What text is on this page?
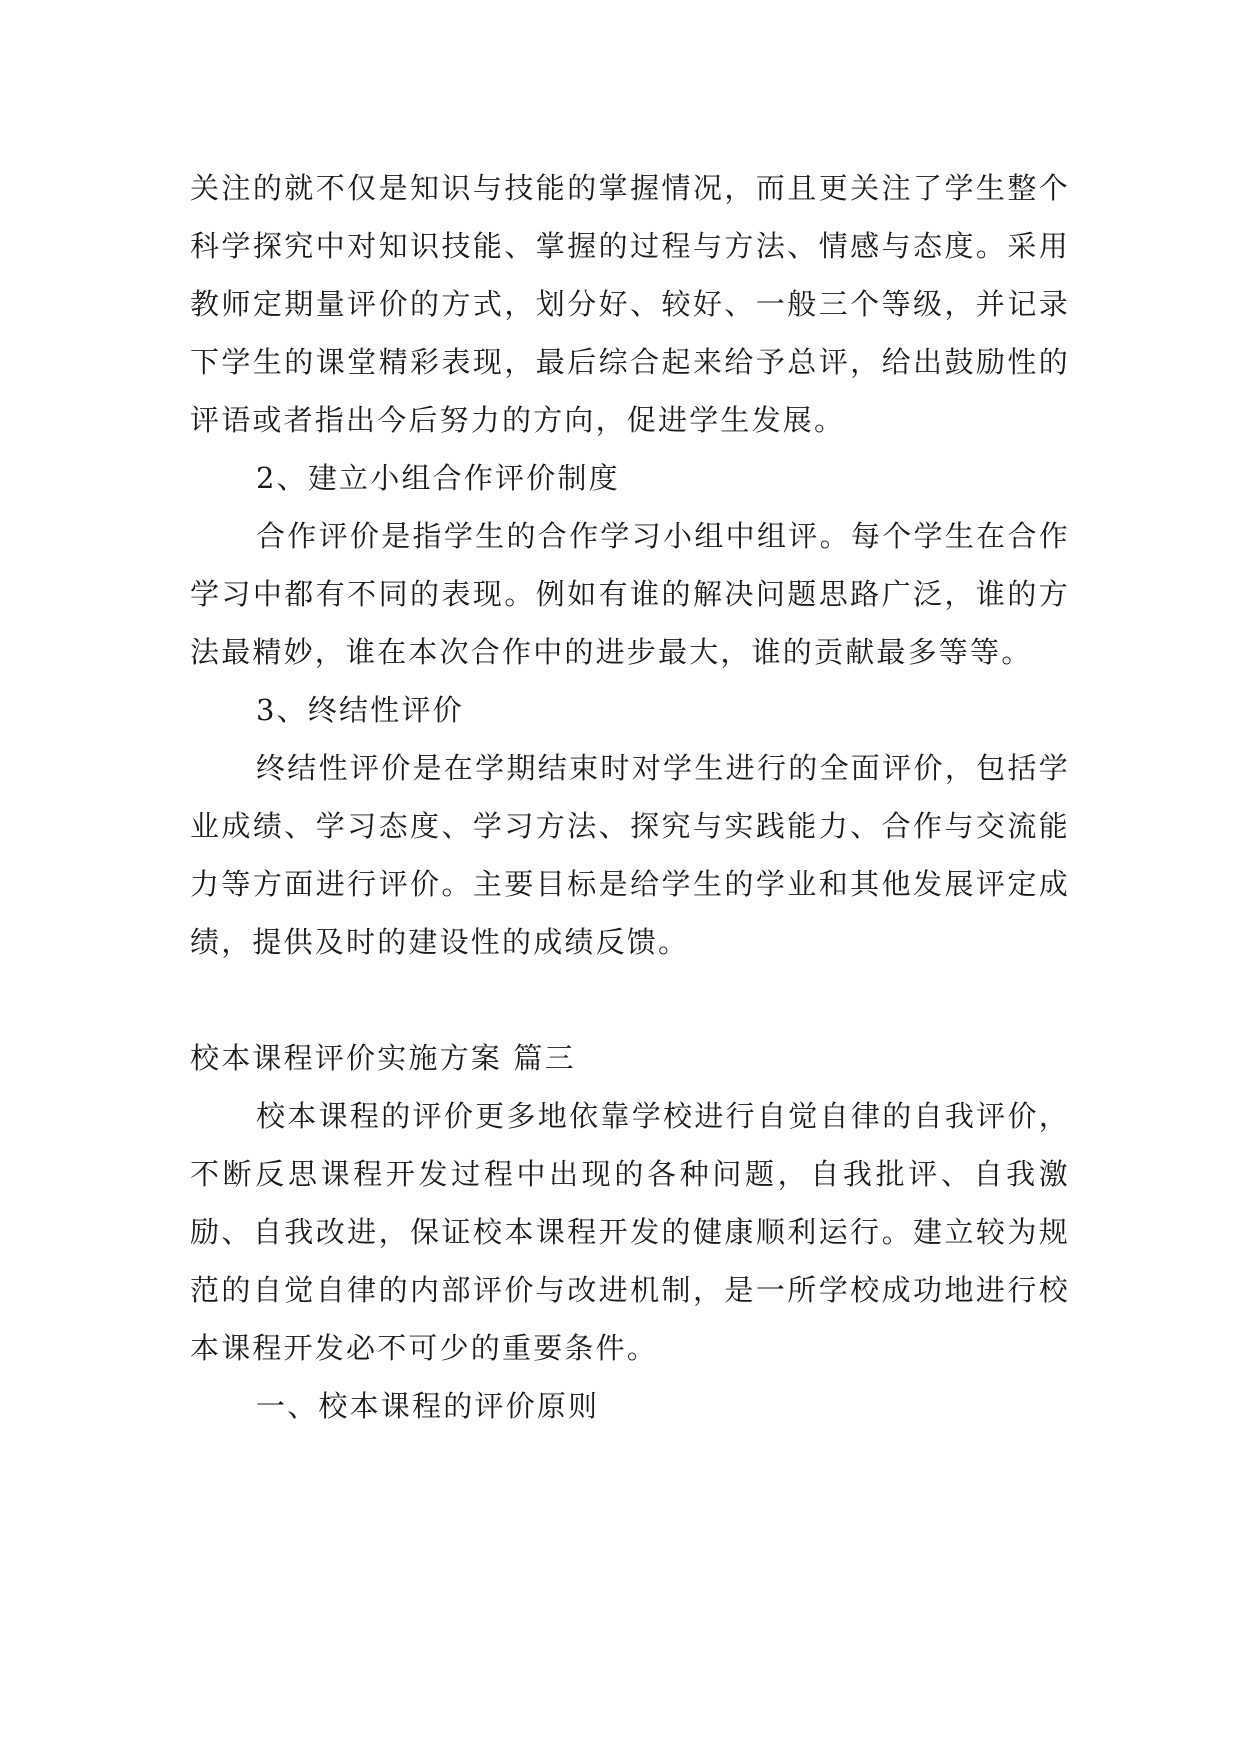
关注的就不仅是知识与技能的掌握情况，而且更关注了学生整个科学探究中对知识技能、掌握的过程与方法、情感与态度。采用教师定期量评价的方式，划分好、较好、一般三个等级，并记录下学生的课堂精彩表现，最后综合起来给予总评，给出鼓励性的评语或者指出今后努力的方向，促进学生发展。

2、建立小组合作评价制度

合作评价是指学生的合作学习小组中组评。每个学生在合作学习中都有不同的表现。例如有谁的解决问题思路广泛，谁的方法最精妙，谁在本次合作中的进步最大，谁的贡献最多等等。

3、终结性评价

终结性评价是在学期结束时对学生进行的全面评价，包括学业成绩、学习态度、学习方法、探究与实践能力、合作与交流能力等方面进行评价。主要目标是给学生的学业和其他发展评定成绩，提供及时的建设性的成绩反馈。

校本课程评价实施方案 篇三

校本课程的评价更多地依靠学校进行自觉自律的自我评价，不断反思课程开发过程中出现的各种问题，自我批评、自我激励、自我改进，保证校本课程开发的健康顺利运行。建立较为规范的自觉自律的内部评价与改进机制，是一所学校成功地进行校本课程开发必不可少的重要条件。

一、校本课程的评价原则
